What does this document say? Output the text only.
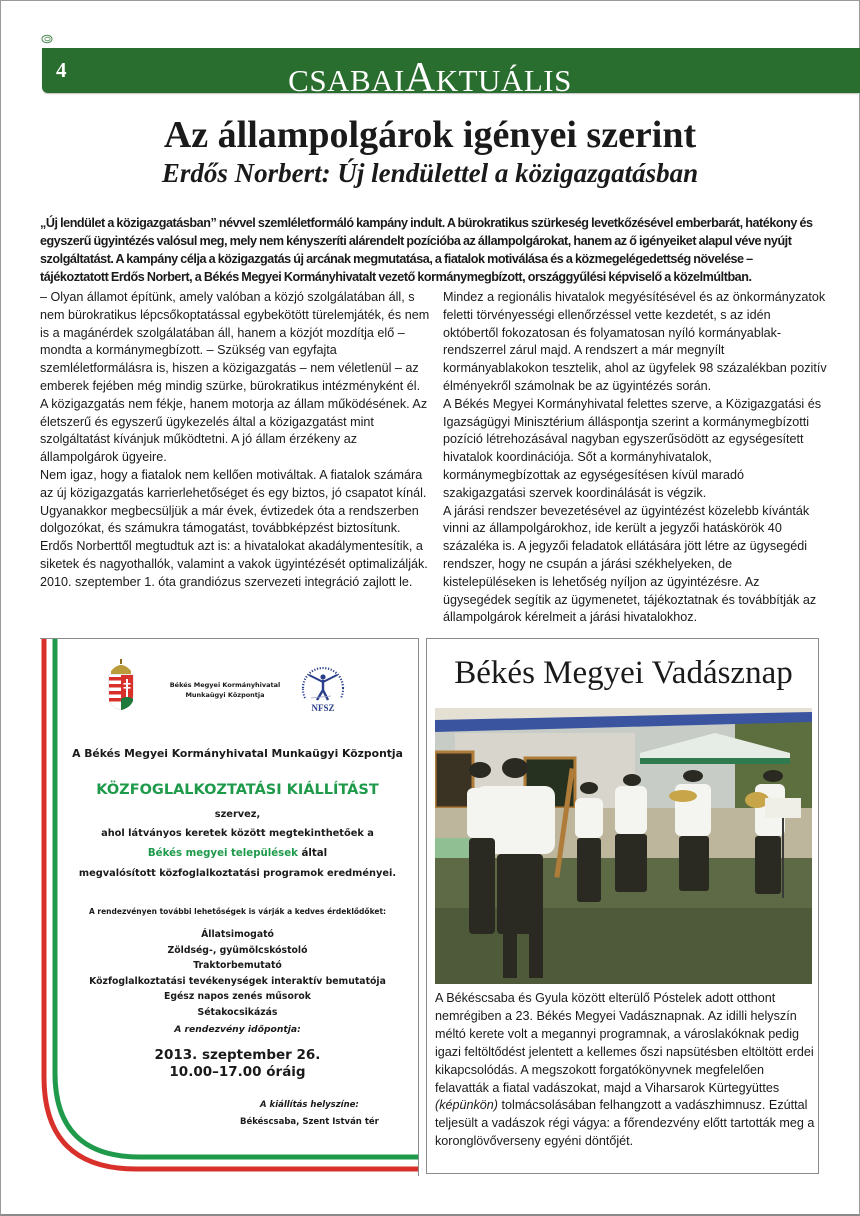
4	CSABAIAKTUÁLIS
Az állampolgárok igényei szerint
Erdős Norbert: Új lendülettel a közigazgatásban

„Új lendület a közigazgatásban” névvel szemléletformáló kampány indult. A bürokratikus szürkeség levetkőzésével emberbarát, hatékony és egyszerű ügyintézés valósul meg, mely nem kényszeríti alárendelt pozícióba az állampolgárokat, hanem az ő igényeiket alapul véve nyújt szolgáltatást. A kampány célja a közigazgatás új arcának megmutatása, a fiatalok motiválása és a közmegelégedettség növelése – tájékoztatott Erdős Norbert, a Békés Megyei Kormányhivatalt vezető kormánymegbízott, országgyűlési képviselő a közelmúltban.

– Olyan államot építünk, amely valóban a közjó szolgálatában áll, s nem bürokratikus lépcsőkoptatással egybekötött türelemjáték, és nem is a magánérdek szolgálatában áll, hanem a közjót mozdítja elő – mondta a kormánymegbízott. – Szükség van egyfajta szemléletformálásra is, hiszen a közigazgatás – nem véletlenül – az emberek fejében még mindig szürke, bürokratikus intézményként él. A közigazgatás nem fékje, hanem motorja az állam működésének. Az életszerű és egyszerű ügykezelés által a közigazgatást mint szolgáltatást kívánjuk működtetni. A jó állam érzékeny az állampolgárok ügyeire.

Nem igaz, hogy a fiatalok nem kellően motiváltak. A fiatalok számára az új közigazgatás karrierlehetőséget és egy biztos, jó csapatot kínál. Ugyanakkor megbecsüljük a már évek, évtizedek óta a rendszerben dolgozókat, és számukra támogatást, továbbképzést biztosítunk.

Erdős Norberttől megtudtuk azt is: a hivatalokat akadálymentesítik, a siketek és nagyothallók, valamint a vakok ügyintézését optimalizálják. 2010. szeptember 1. óta grandiózus szervezeti integráció zajlott le.

Mindez a regionális hivatalok megyésítésével és az önkormányzatok feletti törvényességi ellenőrzéssel vette kezdetét, s az idén októbertől fokozatosan és folyamatosan nyíló kormányablak-rendszerrel zárul majd. A rendszert a már megnyílt kormányablakokon tesztelik, ahol az ügyfelek 98 százalékban pozitív élményekről számolnak be az ügyintézés során.

A Békés Megyei Kormányhivatal felettes szerve, a Közigazgatási és Igazságügyi Minisztérium álláspontja szerint a kormánymegbízotti pozíció létrehozásával nagyban egyszerűsödött az egységesített hivatalok koordinációja. Sőt a kormányhivatalok, kormánymegbízottak az egységesítésen kívül maradó szakigazgatási szervek koordinálását is végzik.

A járási rendszer bevezetésével az ügyintézést közelebb kívánták vinni az állampolgárokhoz, ide került a jegyzői hatáskörök 40 százaléka is. A jegyzői feladatok ellátására jött létre az ügysegédi rendszer, hogy ne csupán a járási székhelyeken, de kistelepüléseken is lehetőség nyíljon az ügyintézésre. Az ügysegédek segítik az ügymenetet, tájékoztatnak és továbbítják az állampolgárok kérelmeit a járási hivatalokhoz.

Békés Megyei Kormányhivatal
Munkaügyi Központja
NFSZ
A Békés Megyei Kormányhivatal Munkaügyi Központja
KÖZFOGLALKOZTATÁSI KIÁLLÍTÁST
szervez,
ahol látványos keretek között megtekinthetőek a
Békés megyei települések által
megvalósított közfoglalkoztatási programok eredményei.
A rendezvényen további lehetőségek is várják a kedves érdeklődőket:
Állatsimogató
Zöldség-, gyümölcskóstoló
Traktorbemutató
Közfoglalkoztatási tevékenységek interaktív bemutatója
Egész napos zenés műsorok
Sétakocsikázás
A rendezvény időpontja:
2013. szeptember 26.
10.00–17.00 óráig
A kiállítás helyszíne:
Békéscsaba, Szent István tér
Békés Megyei Vadásznap

A Békéscsaba és Gyula között elterülő Póstelek adott otthont nemrégiben a 23. Békés Megyei Vadásznapnak. Az idilli helyszín méltó kerete volt a megannyi programnak, a városlakóknak pedig igazi feltöltődést jelentett a kellemes őszi napsütésben eltöltött erdei kikapcsolódás. A megszokott forgatókönyvnek megfelelően felavatták a fiatal vadászokat, majd a Viharsarok Kürtegyüttes (képünkön) tolmácsolásában felhangzott a vadászhimnusz. Ezúttal teljesült a vadászok régi vágya: a főrendezvény előtt tartották meg a koronglövőverseny egyéni döntőjét.
